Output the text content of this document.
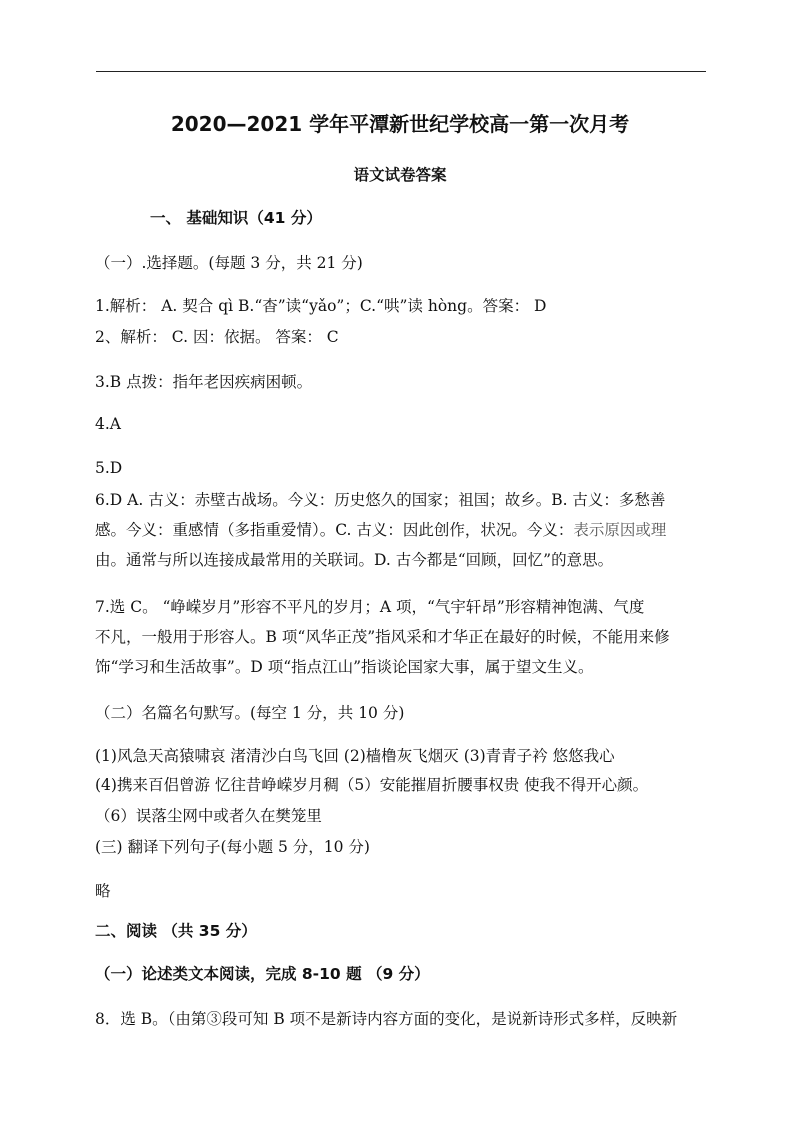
2020—2021 学年平潭新世纪学校高一第一次月考
语文试卷答案
一、 基础知识（41 分）
（一）.选择题。(每题 3 分，共 21 分)
1.解析： A. 契合 qì B.“杳”读“yǎo”；C.“哄”读 hòng。答案： D
2、解析： C. 因：依据。 答案： C
3.B 点拨：指年老因疾病困顿。
4.A
5.D
6.D A. 古义：赤壁古战场。今义：历史悠久的国家；祖国；故乡。B. 古义：多愁善
感。今义：重感情（多指重爱情）。C. 古义：因此创作，状况。今义：表示原因或理
由。通常与所以连接成最常用的关联词。D. 古今都是“回顾，回忆”的意思。
7.选 C。 “峥嵘岁月”形容不平凡的岁月；A 项，“气宇轩昂”形容精神饱满、气度
不凡，一般用于形容人。B 项“风华正茂”指风采和才华正在最好的时候，不能用来修
饰“学习和生活故事”。D 项“指点江山”指谈论国家大事，属于望文生义。
（二）名篇名句默写。(每空 1 分，共 10 分)
(1)风急天高猿啸哀 渚清沙白鸟飞回 (2)樯橹灰飞烟灭 (3)青青子衿 悠悠我心
(4)携来百侣曾游 忆往昔峥嵘岁月稠（5）安能摧眉折腰事权贵 使我不得开心颜。
（6）误落尘网中或者久在樊笼里
(三) 翻译下列句子(每小题 5 分，10 分)
略
二、阅读 （共 35 分）
（一）论述类文本阅读，完成 8-10 题 （9 分）
8．选 B。（由第③段可知 B 项不是新诗内容方面的变化，是说新诗形式多样，反映新
